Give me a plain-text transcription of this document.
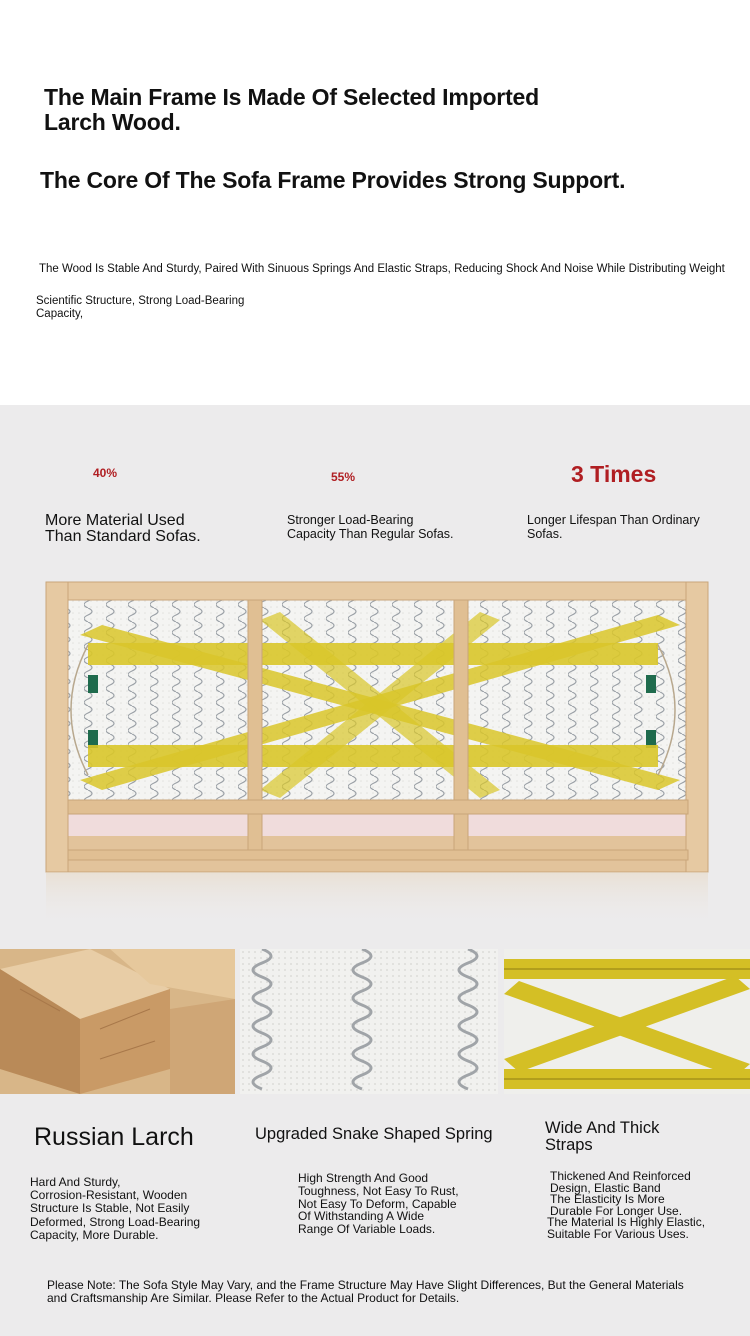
The Main Frame Is Made Of Selected Imported
Larch Wood.
The Core Of The Sofa Frame Provides Strong Support.
The Wood Is Stable And Sturdy, Paired With Sinuous Springs And Elastic Straps, Reducing Shock And Noise While Distributing Weight
Scientific Structure, Strong Load-Bearing
Capacity,
40%
More Material Used
Than Standard Sofas.
55%
Stronger Load-Bearing
Capacity Than Regular Sofas.
3 Times
Longer Lifespan Than Ordinary
Sofas.
Russian Larch	Upgraded Snake Shaped Spring	Wide And Thick
Straps
Hard And Sturdy,
Corrosion-Resistant, Wooden
Structure Is Stable, Not Easily
Deformed, Strong Load-Bearing
Capacity, More Durable.
High Strength And Good
Toughness, Not Easy To Rust,
Not Easy To Deform, Capable
Of Withstanding A Wide
Range Of Variable Loads.
Thickened And Reinforced
Design, Elastic Band
The Elasticity Is More
Durable For Longer Use.
The Material Is Highly Elastic,
Suitable For Various Uses.
Please Note: The Sofa Style May Vary, and the Frame Structure May Have Slight Differences, But the General Materials
and Craftsmanship Are Similar. Please Refer to the Actual Product for Details.
